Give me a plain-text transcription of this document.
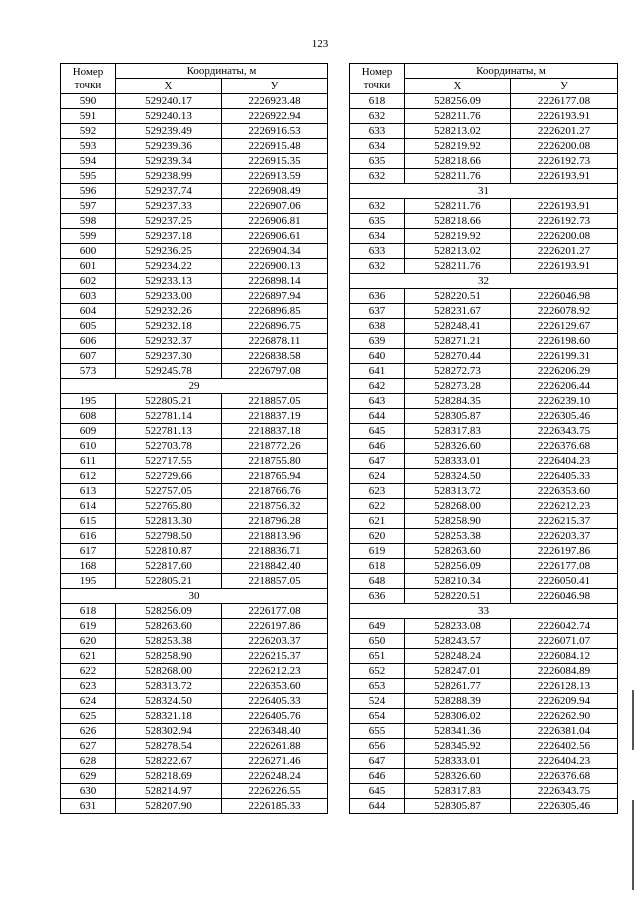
123
Номер
точки	Координаты, м	
	X	У
590	529240.17	2226923.48
591	529240.13	2226922.94
592	529239.49	2226916.53
593	529239.36	2226915.48
594	529239.34	2226915.35
595	529238.99	2226913.59
596	529237.74	2226908.49
597	529237.33	2226907.06
598	529237.25	2226906.81
599	529237.18	2226906.61
600	529236.25	2226904.34
601	529234.22	2226900.13
602	529233.13	2226898.14
603	529233.00	2226897.94
604	529232.26	2226896.85
605	529232.18	2226896.75
606	529232.37	2226878.11
607	529237.30	2226838.58
573	529245.78	2226797.08
29		
195	522805.21	2218857.05
608	522781.14	2218837.19
609	522781.13	2218837.18
610	522703.78	2218772.26
611	522717.55	2218755.80
612	522729.66	2218765.94
613	522757.05	2218766.76
614	522765.80	2218756.32
615	522813.30	2218796.28
616	522798.50	2218813.96
617	522810.87	2218836.71
168	522817.60	2218842.40
195	522805.21	2218857.05
30		
618	528256.09	2226177.08
619	528263.60	2226197.86
620	528253.38	2226203.37
621	528258.90	2226215.37
622	528268.00	2226212.23
623	528313.72	2226353.60
624	528324.50	2226405.33
625	528321.18	2226405.76
626	528302.94	2226348.40
627	528278.54	2226261.88
628	528222.67	2226271.46
629	528218.69	2226248.24
630	528214.97	2226226.55
631	528207.90	2226185.33
Номер
точки	Координаты, м	
	X	У
618	528256.09	2226177.08
632	528211.76	2226193.91
633	528213.02	2226201.27
634	528219.92	2226200.08
635	528218.66	2226192.73
632	528211.76	2226193.91
31		
632	528211.76	2226193.91
635	528218.66	2226192.73
634	528219.92	2226200.08
633	528213.02	2226201.27
632	528211.76	2226193.91
32		
636	528220.51	2226046.98
637	528231.67	2226078.92
638	528248.41	2226129.67
639	528271.21	2226198.60
640	528270.44	2226199.31
641	528272.73	2226206.29
642	528273.28	2226206.44
643	528284.35	2226239.10
644	528305.87	2226305.46
645	528317.83	2226343.75
646	528326.60	2226376.68
647	528333.01	2226404.23
624	528324.50	2226405.33
623	528313.72	2226353.60
622	528268.00	2226212.23
621	528258.90	2226215.37
620	528253.38	2226203.37
619	528263.60	2226197.86
618	528256.09	2226177.08
648	528210.34	2226050.41
636	528220.51	2226046.98
33		
649	528233.08	2226042.74
650	528243.57	2226071.07
651	528248.24	2226084.12
652	528247.01	2226084.89
653	528261.77	2226128.13
524	528288.39	2226209.94
654	528306.02	2226262.90
655	528341.36	2226381.04
656	528345.92	2226402.56
647	528333.01	2226404.23
646	528326.60	2226376.68
645	528317.83	2226343.75
644	528305.87	2226305.46
